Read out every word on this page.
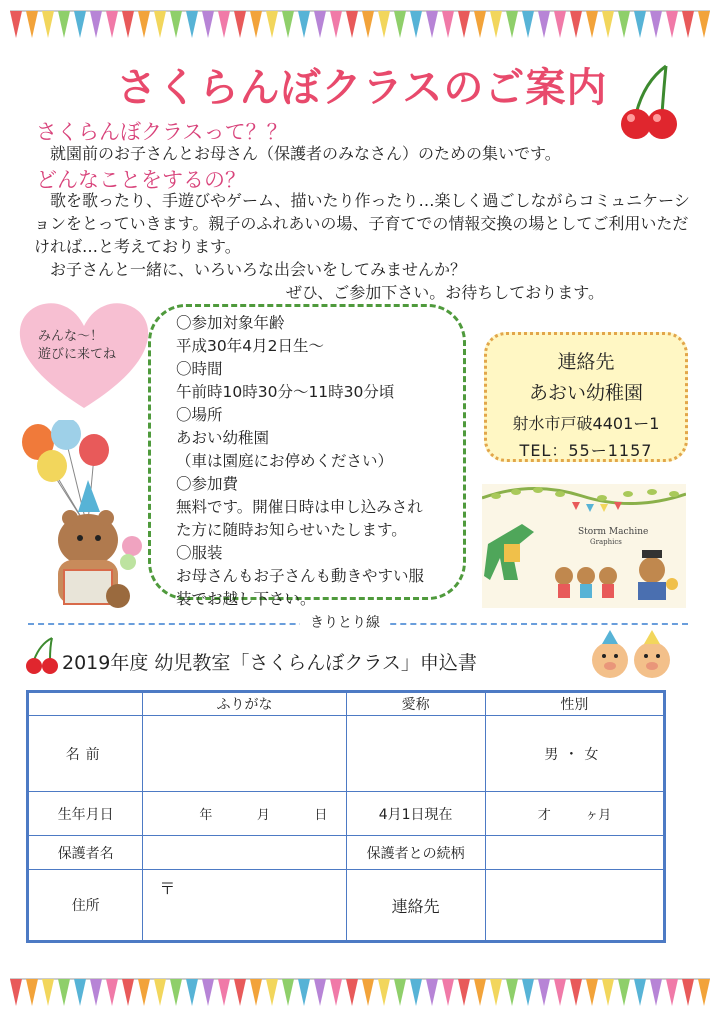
さくらんぼクラスのご案内
さくらんぼクラスって？？

就園前のお子さんとお母さん（保護者のみなさん）のための集いです。

どんなことをするの？

歌を歌ったり、手遊びやゲーム、描いたり作ったり…楽しく過ごしながらコミュニケーションをとっていきます。親子のふれあいの場、子育てでの情報交換の場としてご利用いただければ…と考えております。

お子さんと一緒に、いろいろな出会いをしてみませんか？

ぜひ、ご参加下さい。お待ちしております。

みんな～！
遊びに来てね
〇参加対象年齢
平成30年4月2日生～
〇時間
午前時10時30分～11時30分頃
〇場所
あおい幼稚園
（車は園庭にお停めください）
〇参加費
無料です。開催日時は申し込みされ
た方に随時お知らせいたします。
〇服装
お母さんもお子さんも動きやすい服
装でお越し下さい。
連絡先
あおい幼稚園
射水市戸破4401ー1
TEL：55ー1157
Storm Machine
Graphics
きりとり線
2019年度 幼児教室「さくらんぼクラス」申込書
	ふりがな	愛称	性別
名前			男・女
生年月日	年 月 日	4月1日現在	才 ヶ月
保護者名		保護者との続柄	
住所	〒	連絡先	
